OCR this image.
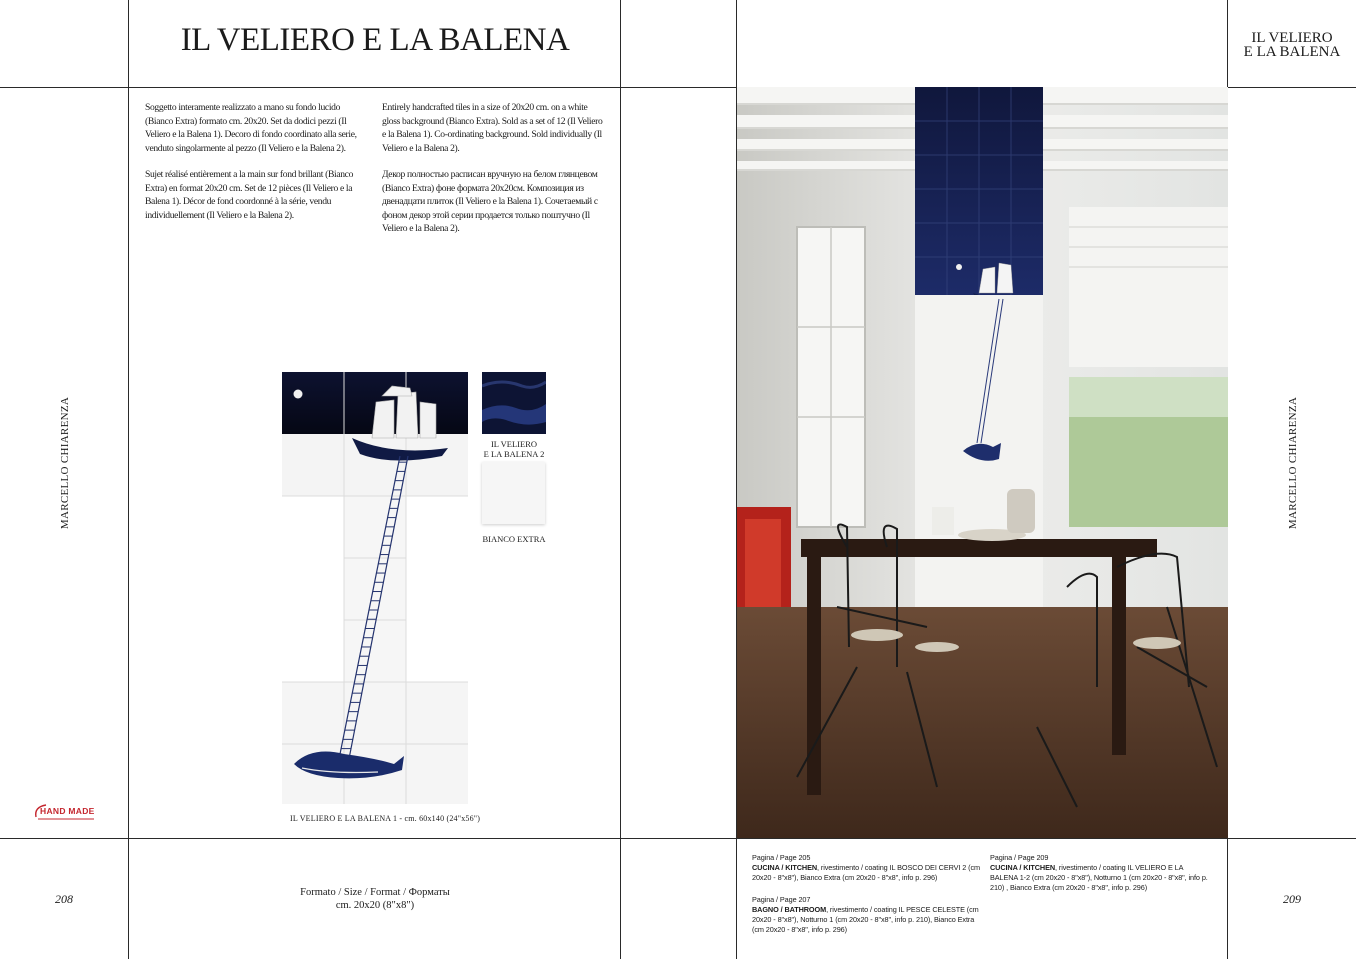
IL VELIERO E LA BALENA	IL VELIERO
E LA BALENA
MARCELLO CHIARENZA	MARCELLO CHIARENZA

Soggetto interamente realizzato a mano su fondo lucido (Bianco Extra) formato cm. 20x20. Set da dodici pezzi (Il Veliero e la Balena 1). Decoro di fondo coordinato alla serie, venduto singolarmente al pezzo (Il Veliero e la Balena 2).

Sujet réalisé entièrement a la main sur fond brillant (Bianco Extra) en format 20x20 cm. Set de 12 pièces (Il Veliero e la Balena 1). Décor de fond coordonné à la série, vendu individuellement (Il Veliero e la Balena 2).

Entirely handcrafted tiles in a size of 20x20 cm. on a white gloss background (Bianco Extra). Sold as a set of 12 (Il Veliero e la Balena 1). Co-ordinating background. Sold individually (Il Veliero e la Balena 2).

Декор полностью расписан вручную на белом глянцевом (Bianco Extra) фоне формата 20x20см. Композиция из двенадцати плиток (Il Veliero e la Balena 1). Сочетаемый с фоном декор этой серии продается только поштучно (Il Veliero e la Balena 2).

IL VELIERO
E LA BALENA 2
BIANCO EXTRA
IL VELIERO E LA BALENA 1 - cm. 60x140 (24"x56")
HAND MADE
208	209
Formato / Size / Format / Форматы
cm. 20x20 (8"x8")

Pagina / Page 205

CUCINA / KITCHEN, rivestimento / coating IL BOSCO DEI CERVI 2 (cm 20x20 - 8"x8"), Bianco Extra (cm 20x20 - 8"x8", info p. 296)

Pagina / Page 207

BAGNO / BATHROOM, rivestimento / coating IL PESCE CELESTE (cm 20x20 - 8"x8"), Notturno 1 (cm 20x20 - 8"x8", info p. 210), Bianco Extra (cm 20x20 - 8"x8", info p. 296)

Pagina / Page 209

CUCINA / KITCHEN, rivestimento / coating IL VELIERO E LA BALENA 1-2 (cm 20x20 - 8"x8"), Notturno 1 (cm 20x20 - 8"x8", info p. 210) , Bianco Extra (cm 20x20 - 8"x8", info p. 296)
